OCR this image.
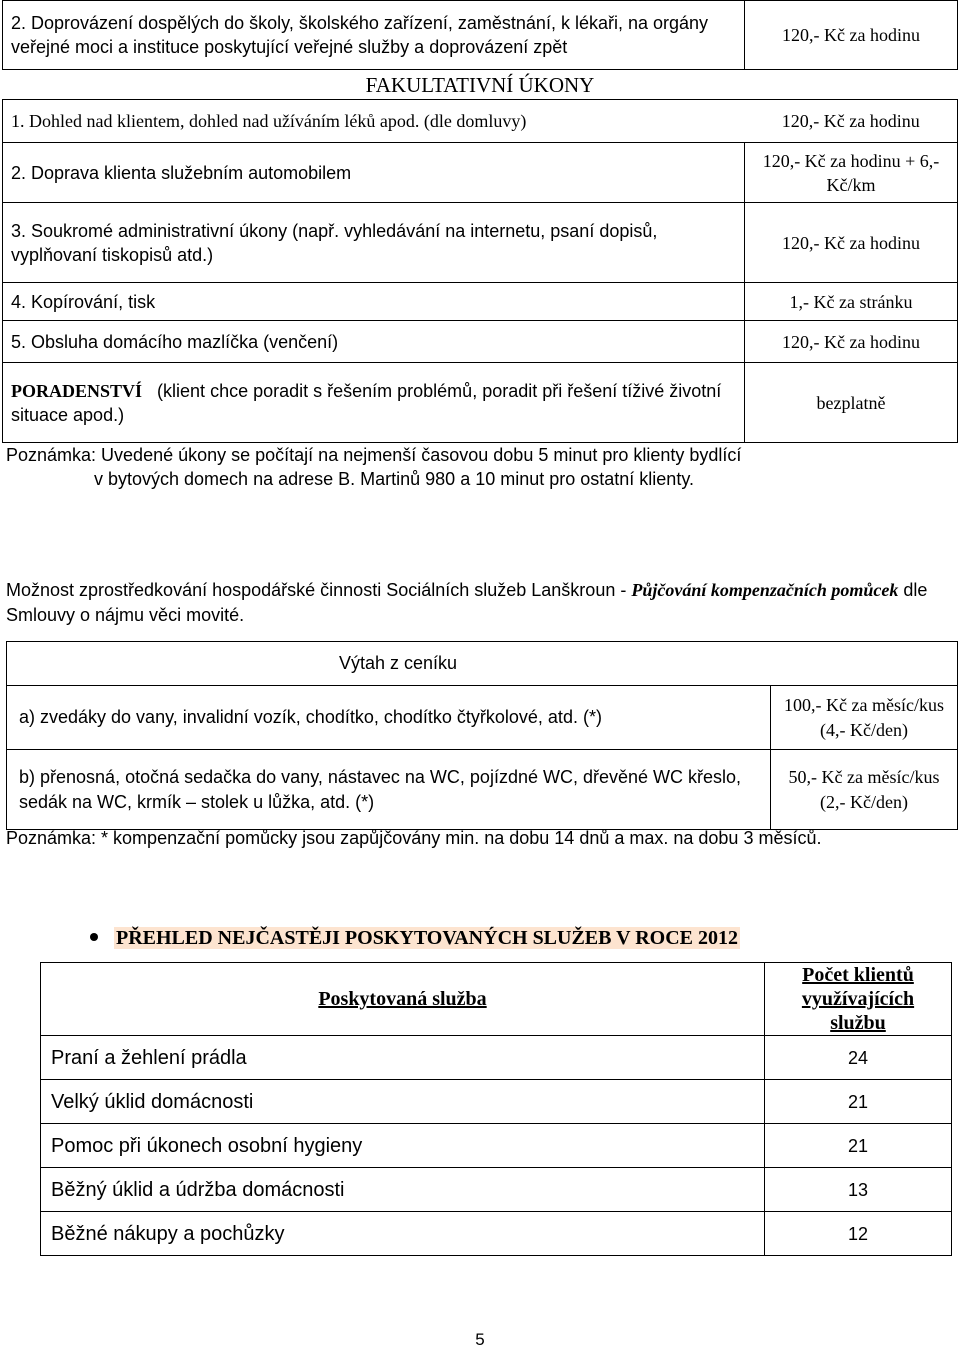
2. Doprovázení dospělých do školy, školského zařízení, zaměstnání, k lékaři, na orgány veřejné moci a instituce poskytující veřejné služby a doprovázení zpět	120,- Kč za hodinu
FAKULTATIVNÍ ÚKONY	
1. Dohled nad klientem, dohled nad užíváním léků apod. (dle domluvy)	120,- Kč za hodinu
2. Doprava klienta služebním automobilem	120,- Kč za hodinu + 6,- Kč/km
3. Soukromé administrativní úkony (např. vyhledávání na internetu, psaní dopisů, vyplňovaní tiskopisů atd.)	120,- Kč za hodinu
4. Kopírování, tisk	1,- Kč za stránku
5. Obsluha domácího mazlíčka (venčení)	120,- Kč za hodinu
PORADENSTVÍ (klient chce poradit s řešením problémů, poradit při řešení tíživé životní situace apod.)	bezplatně
Poznámka: Uvedené úkony se počítají na nejmenší časovou dobu 5 minut pro klienty bydlící
v bytových domech na adrese B. Martinů 980 a 10 minut pro ostatní klienty.
Možnost zprostředkování hospodářské činnosti Sociálních služeb Lanškroun - Půjčování kompenzačních pomůcek dle Smlouvy o nájmu věci movité.
Výtah z ceníku	

a) zvedáky do vany, invalidní vozík, chodítko, chodítko čtyřkolové, atd. (*)	100,- Kč za měsíc/kus
(4,- Kč/den)

b) přenosná, otočná sedačka do vany, nástavec na WC, pojízdné WC, dřevěné WC křeslo, sedák na WC, krmík – stolek u lůžka, atd. (*)	50,- Kč za měsíc/kus
(2,- Kč/den)
Poznámka: * kompenzační pomůcky jsou zapůjčovány min. na dobu 14 dnů a max. na dobu 3 měsíců.
PŘEHLED NEJČASTĚJI POSKYTOVANÝCH SLUŽEB V ROCE 2012
Poskytovaná služba	Počet klientů využívajících službu
Praní a žehlení prádla	24
Velký úklid domácnosti	21
Pomoc při úkonech osobní hygieny	21
Běžný úklid a údržba domácnosti	13
Běžné nákupy a pochůzky	12
5
